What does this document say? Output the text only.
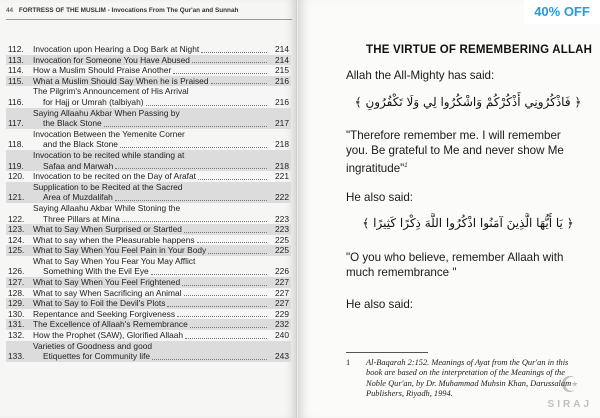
44 FORTRESS OF THE MUSLIM - Invocations From The Qur'an and Sunnah
112.	Invocation upon Hearing a Dog Bark at Night	214
113.	Invocation for Someone You Have Abused	214
114.	How a Muslim Should Praise Another	215
115.	What a Muslim Should Say When he is Praised	216
116.
The Pilgrim's Announcement of His Arrival
for Hajj or Umrah (talbiyah)	216
117.
Saying Allaahu Akbar When Passing by
the Black Stone	217
118.
Invocation Between the Yemenite Corner
and the Black Stone	218
119.
Invocation to be recited while standing at
Safaa and Marwah	218
120.	Invocation to be recited on the Day of Arafat	221
121.
Supplication to be Recited at the Sacred
Area of Muzdalifah	222
122.
Saying Allaahu Akbar While Stoning the
Three Pillars at Mina	223
123.	What to Say When Surprised or Startled	223
124.	What to say when the Pleasurable happens	225
125.	What to Say When You Feel Pain in Your Body	225
126.
What to Say When You Fear You May Afflict
Something With the Evil Eye	226
127.	What to Say When You Feel Frightened	227
128.	What to say When Sacrificing an Animal	227
129.	What to Say to Foil the Devil's Plots	227
130.	Repentance and Seeking Forgiveness	229
131.	The Excellence of Allaah's Remembrance	232
132.	How the Prophet (SAW), Glorified Allaah	240
133.
Varieties of Goodness and good
Etiquettes for Community life	243
40% OFF
THE VIRTUE OF REMEMBERING ALLAH
Allah the All-Mighty has said:
﴿ فَاذْكُرُونِي أَذْكُرْكُمْ وَاشْكُرُوا لِي وَلَا تَكْفُرُونِ ﴾
"Therefore remember me. I will remember you. Be grateful to Me and never show Me ingratitude"$^1$
He also said:
﴿ يَا أَيُّهَا الَّذِينَ آمَنُوا اذْكُرُوا اللَّهَ ذِكْرًا كَثِيرًا ﴾
"O you who believe, remember Allaah with much remembrance "
He also said:
1	Al-Baqarah 2:152. Meanings of Ayat from the Qur'an in this book are based on the interpretation of the Meanings of the Noble Qur'an, by Dr. Muhammad Muhsin Khan, Darussalam Publishers, Riyadh, 1994.	☪
SIRAJ
